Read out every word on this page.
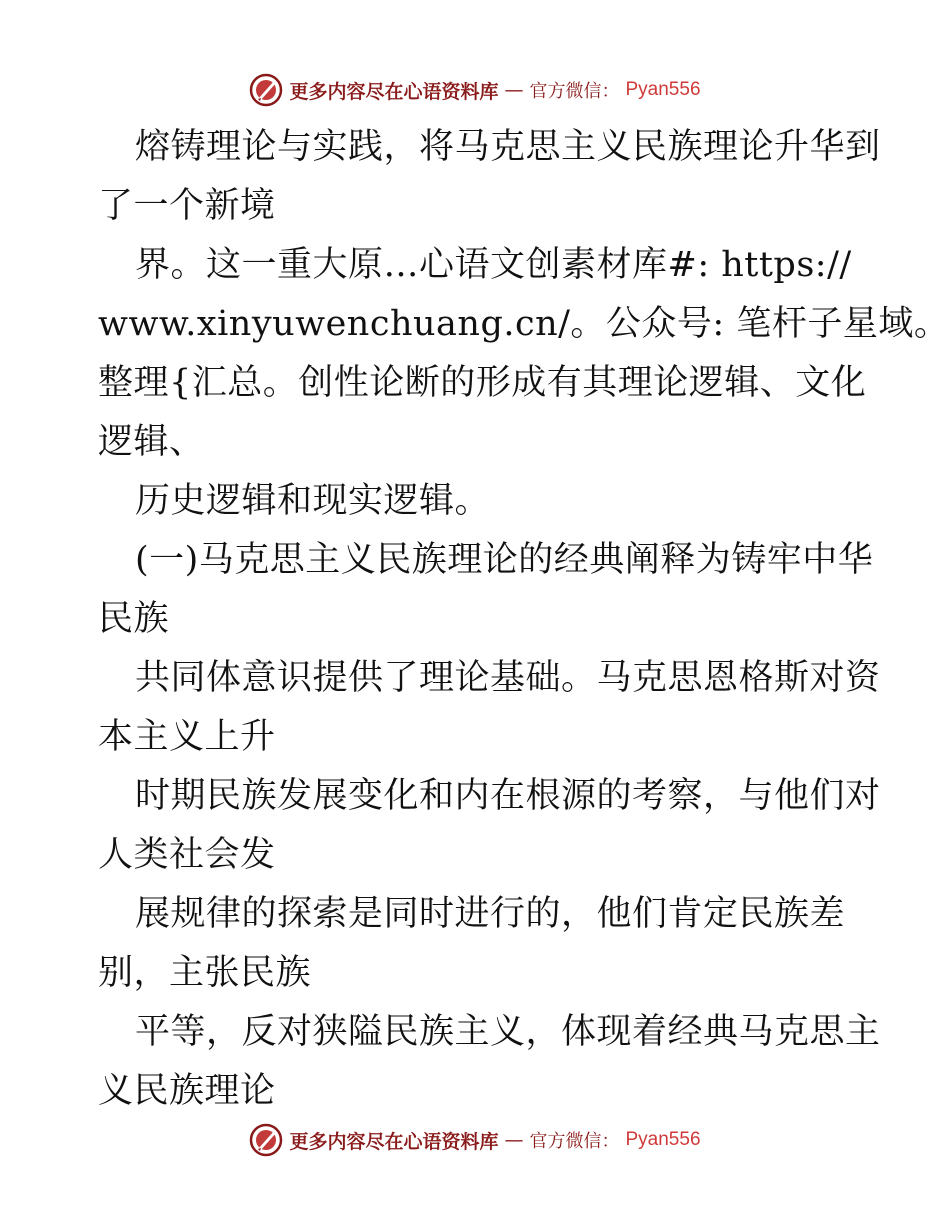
更多内容尽在心语资料库 — 官方微信： Pyan556
熔铸理论与实践，将马克思主义民族理论升华到
了一个新境
界。这一重大原…心语文创素材库#: https://
www.xinyuwenchuang.cn/。公众号: 笔杆子星域。
整理{汇总。创性论断的形成有其理论逻辑、文化
逻辑、
历史逻辑和现实逻辑。
(一)马克思主义民族理论的经典阐释为铸牢中华
民族
共同体意识提供了理论基础。马克思恩格斯对资
本主义上升
时期民族发展变化和内在根源的考察，与他们对
人类社会发
展规律的探索是同时进行的，他们肯定民族差
别，主张民族
平等，反对狭隘民族主义，体现着经典马克思主
义民族理论
更多内容尽在心语资料库 — 官方微信： Pyan556
